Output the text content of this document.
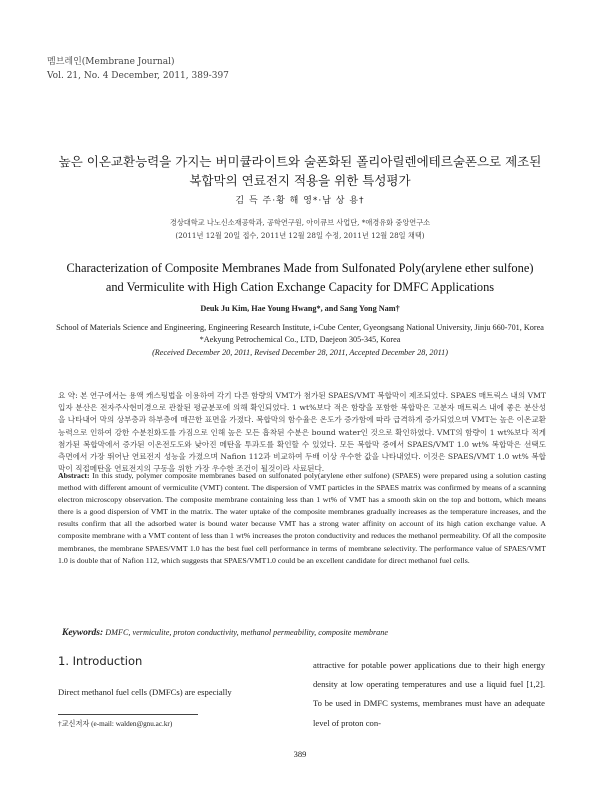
멤브레인(Membrane Journal)
Vol. 21, No. 4 December, 2011, 389-397
높은 이온교환능력을 가지는 버미큘라이트와 술폰화된 폴리아릴렌에테르술폰으로 제조된
복합막의 연료전지 적용을 위한 특성평가
김 득 주·황 해 영*·남 상 용†
경상대학교 나노신소재공학과, 공학연구원, 아이큐브 사업단, *애경유화 중앙연구소
(2011년 12월 20일 접수, 2011년 12월 28일 수정, 2011년 12월 28일 채택)
Characterization of Composite Membranes Made from Sulfonated Poly(arylene ether sulfone)
and Vermiculite with High Cation Exchange Capacity for DMFC Applications
Deuk Ju Kim, Hae Young Hwang*, and Sang Yong Nam†
School of Materials Science and Engineering, Engineering Research Institute, i-Cube Center, Gyeongsang National University, Jinju 660-701, Korea
*Aekyung Petrochemical Co., LTD, Daejeon 305-345, Korea
(Received December 20, 2011, Revised December 28, 2011, Accepted December 28, 2011)
요 약: 본 연구에서는 용액 캐스팅법을 이용하여 각기 다른 함량의 VMT가 첨가된 SPAES/VMT 복합막이 제조되었다. SPAES 매트릭스 내의 VMT입자 분산은 전자주사현미경으로 관찰된 평균분포에 의해 확인되었다. 1 wt%보다 적은 함량을 포함한 복합막은 고분자 매트릭스 내에 좋은 분산성을 나타내어 막의 상부층과 하부층에 매끈한 표면을 가졌다. 복합막의 함수율은 온도가 증가함에 따라 급격하게 증가되었으며 VMT는 높은 이온교환능력으로 인하여 강한 수분친화도를 가짐으로 인해 높은 모든 흡착된 수분은 bound water인 것으로 확인하였다. VMT의 함량이 1 wt%보다 적게 첨가된 복합막에서 증가된 이온전도도와 낮아진 메탄올 투과도를 확인할 수 있었다. 모든 복합막 중에서 SPAES/VMT 1.0 wt% 복합막은 선택도 측면에서 가장 뛰어난 연료전지 성능을 가졌으며 Nafion 112과 비교하여 두배 이상 우수한 값을 나타내었다. 이것은 SPAES/VMT 1.0 wt% 복합막이 직접메탄올 연료전지의 구동을 위한 가장 우수한 조건이 될것이라 사료된다.
Abstract: In this study, polymer composite membranes based on sulfonated poly(arylene ether sulfone) (SPAES) were prepared using a solution casting method with different amount of vermiculite (VMT) content. The dispersion of VMT particles in the SPAES matrix was confirmed by means of a scanning electron microscopy observation. The composite membrane containing less than 1 wt% of VMT has a smooth skin on the top and bottom, which means there is a good dispersion of VMT in the matrix. The water uptake of the composite membranes gradually increases as the temperature increases, and the results confirm that all the adsorbed water is bound water because VMT has a strong water affinity on account of its high cation exchange value. A composite membrane with a VMT content of less than 1 wt% increases the proton conductivity and reduces the methanol permeability. Of all the composite membranes, the membrane SPAES/VMT 1.0 has the best fuel cell performance in terms of membrane selectivity. The performance value of SPAES/VMT 1.0 is double that of Nafion 112, which suggests that SPAES/VMT1.0 could be an excellent candidate for direct methanol fuel cells.
Keywords: DMFC, vermiculite, proton conductivity, methanol permeability, composite membrane
1. Introduction
Direct methanol fuel cells (DMFCs) are especially
attractive for potable power applications due to their high energy density at low operating temperatures and use a liquid fuel [1,2]. To be used in DMFC systems, membranes must have an adequate level of proton con-
†교신저자 (e-mail: walden@gnu.ac.kr)
389
